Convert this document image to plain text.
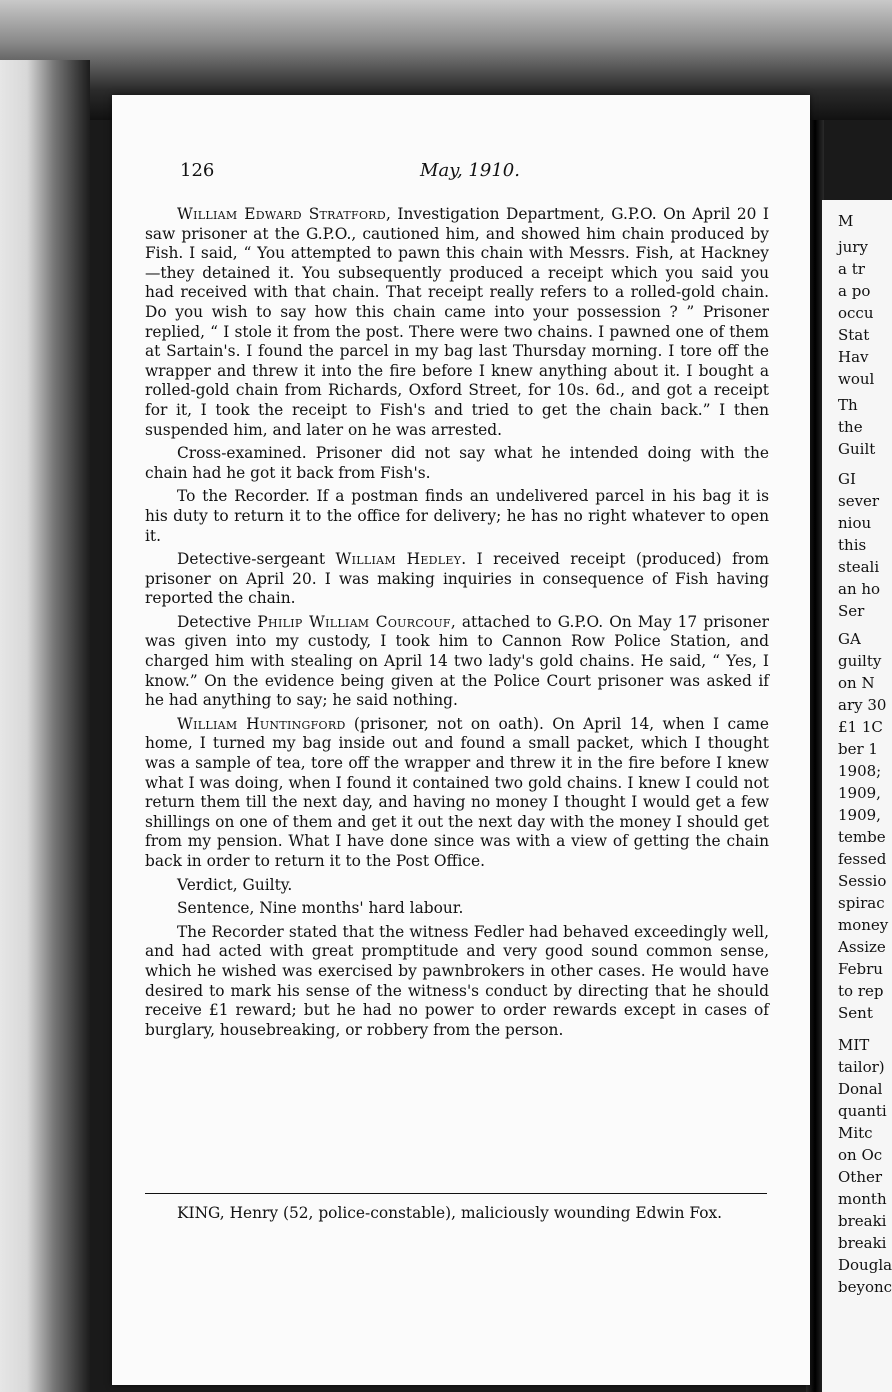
M
jury
a tr
a po
occu
Stat
Hav
woul
Th
the
Guilt
GI
sever
niou
this
steali
an ho
Ser
GA
guilty
on N
ary 30
£1 1C
ber 1
1908;
1909,
1909,
tembe
fessed
Sessio
spirac
money
Assize
Febru
to rep
Sent
MIT
tailor)
Donal
quanti
Mitc
on Oc
Other
month
breaki
breaki
Dougla
beyonc
126	May, 1910.

William Edward Stratford, Investigation Department, G.P.O. On April 20 I saw prisoner at the G.P.O., cautioned him, and showed him chain produced by Fish. I said, “ You attempted to pawn this chain with Messrs. Fish, at Hackney—they detained it. You subsequently produced a receipt which you said you had received with that chain. That receipt really refers to a rolled-gold chain. Do you wish to say how this chain came into your possession ? ” Prisoner replied, “ I stole it from the post. There were two chains. I pawned one of them at Sartain's. I found the parcel in my bag last Thursday morning. I tore off the wrapper and threw it into the fire before I knew anything about it. I bought a rolled-gold chain from Richards, Oxford Street, for 10s. 6d., and got a receipt for it, I took the receipt to Fish's and tried to get the chain back.” I then suspended him, and later on he was arrested.

Cross-examined. Prisoner did not say what he intended doing with the chain had he got it back from Fish's.

To the Recorder. If a postman finds an undelivered parcel in his bag it is his duty to return it to the office for delivery; he has no right whatever to open it.

Detective-sergeant William Hedley. I received receipt (produced) from prisoner on April 20. I was making inquiries in consequence of Fish having reported the chain.

Detective Philip William Courcouf, attached to G.P.O. On May 17 prisoner was given into my custody, I took him to Cannon Row Police Station, and charged him with stealing on April 14 two lady's gold chains. He said, “ Yes, I know.” On the evidence being given at the Police Court prisoner was asked if he had anything to say; he said nothing.

William Huntingford (prisoner, not on oath). On April 14, when I came home, I turned my bag inside out and found a small packet, which I thought was a sample of tea, tore off the wrapper and threw it in the fire before I knew what I was doing, when I found it contained two gold chains. I knew I could not return them till the next day, and having no money I thought I would get a few shillings on one of them and get it out the next day with the money I should get from my pension. What I have done since was with a view of getting the chain back in order to return it to the Post Office.

Verdict, Guilty.

Sentence, Nine months' hard labour.

The Recorder stated that the witness Fedler had behaved exceedingly well, and had acted with great promptitude and very good sound common sense, which he wished was exercised by pawnbrokers in other cases. He would have desired to mark his sense of the witness's conduct by directing that he should receive £1 reward; but he had no power to order rewards except in cases of burglary, housebreaking, or robbery from the person.

KING, Henry (52, police-constable), maliciously wounding Edwin Fox.
